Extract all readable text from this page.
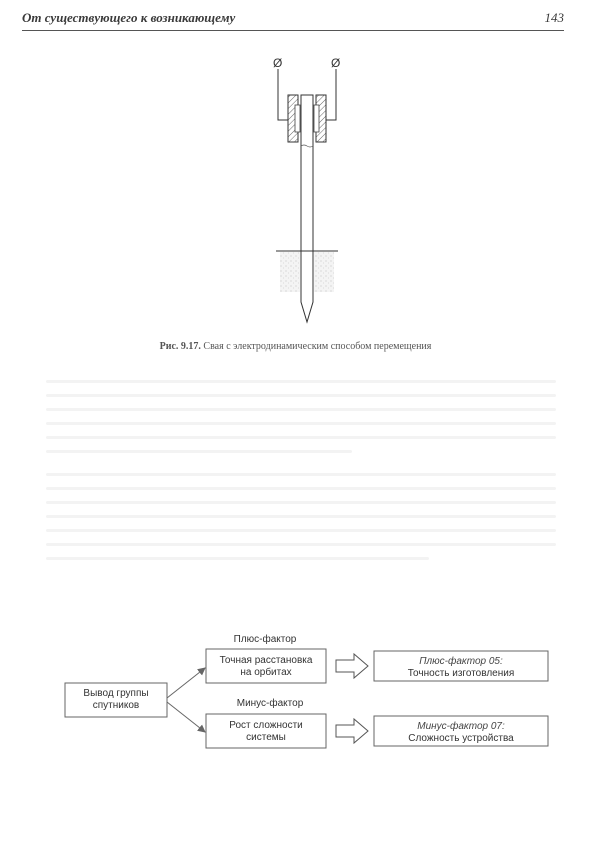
От существующего к возникающему	143
Ø	Ø
Рис. 9.17. Свая с электродинамическим способом перемещения
Вывод группы спутников
Плюс-фактор
Точная расстановка на орбитах
Плюс-фактор 05:
Точность изготовления
Минус-фактор
Рост сложности системы
Минус-фактор 07:
Сложность устройства
